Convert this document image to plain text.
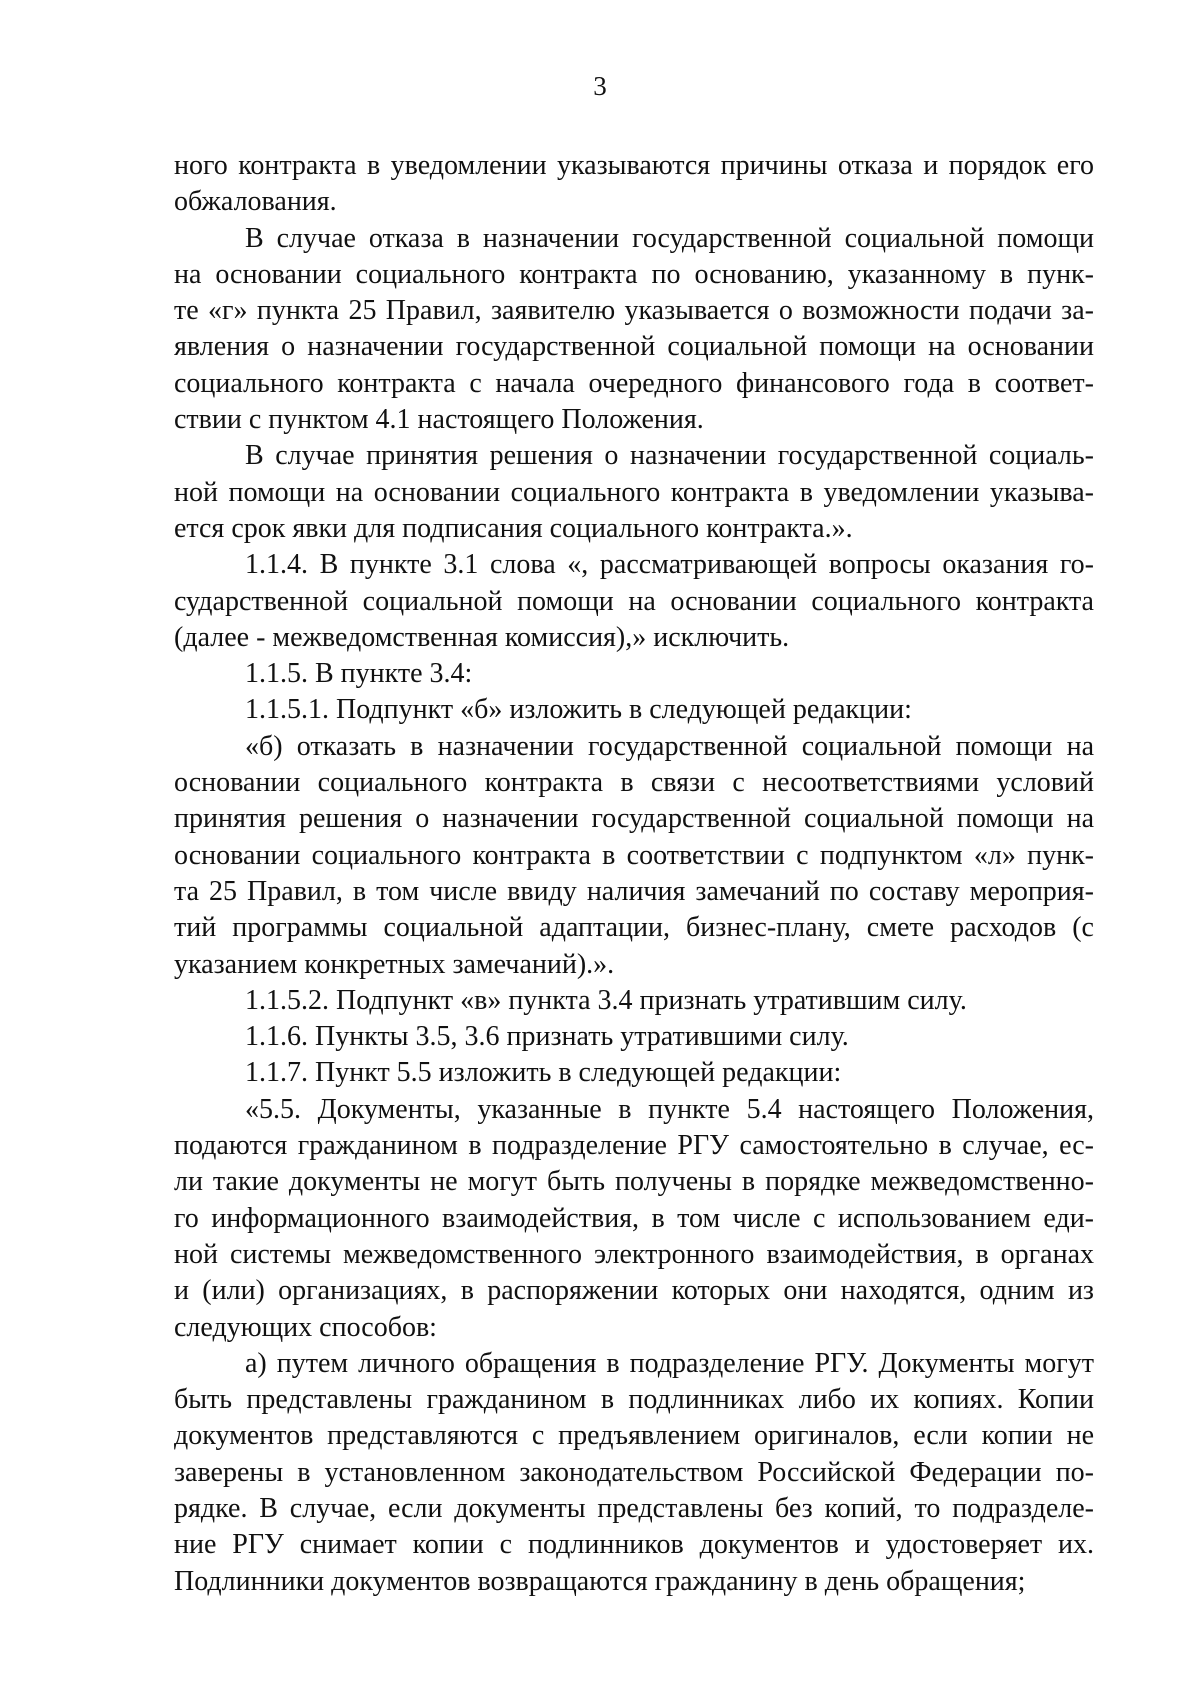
3
ного контракта в уведомлении указываются причины отказа и порядок его
обжалования.
В случае отказа в назначении государственной социальной помощи
на основании социального контракта по основанию, указанному в пунк-
те «г» пункта 25 Правил, заявителю указывается о возможности подачи за-
явления о назначении государственной социальной помощи на основании
социального контракта с начала очередного финансового года в соответ-
ствии с пунктом 4.1 настоящего Положения.
В случае принятия решения о назначении государственной социаль-
ной помощи на основании социального контракта в уведомлении указыва-
ется срок явки для подписания социального контракта.».
1.1.4. В пункте 3.1 слова «, рассматривающей вопросы оказания го-
сударственной социальной помощи на основании социального контракта
(далее - межведомственная комиссия),» исключить.
1.1.5. В пункте 3.4:
1.1.5.1. Подпункт «б» изложить в следующей редакции:
«б) отказать в назначении государственной социальной помощи на
основании социального контракта в связи с несоответствиями условий
принятия решения о назначении государственной социальной помощи на
основании социального контракта в соответствии с подпунктом «л» пунк-
та 25 Правил, в том числе ввиду наличия замечаний по составу мероприя-
тий программы социальной адаптации, бизнес-плану, смете расходов (с
указанием конкретных замечаний).».
1.1.5.2. Подпункт «в» пункта 3.4 признать утратившим силу.
1.1.6. Пункты 3.5, 3.6 признать утратившими силу.
1.1.7. Пункт 5.5 изложить в следующей редакции:
«5.5. Документы, указанные в пункте 5.4 настоящего Положения,
подаются гражданином в подразделение РГУ самостоятельно в случае, ес-
ли такие документы не могут быть получены в порядке межведомственно-
го информационного взаимодействия, в том числе с использованием еди-
ной системы межведомственного электронного взаимодействия, в органах
и (или) организациях, в распоряжении которых они находятся, одним из
следующих способов:
а) путем личного обращения в подразделение РГУ. Документы могут
быть представлены гражданином в подлинниках либо их копиях. Копии
документов представляются с предъявлением оригиналов, если копии не
заверены в установленном законодательством Российской Федерации по-
рядке. В случае, если документы представлены без копий, то подразделе-
ние РГУ снимает копии с подлинников документов и удостоверяет их.
Подлинники документов возвращаются гражданину в день обращения;
